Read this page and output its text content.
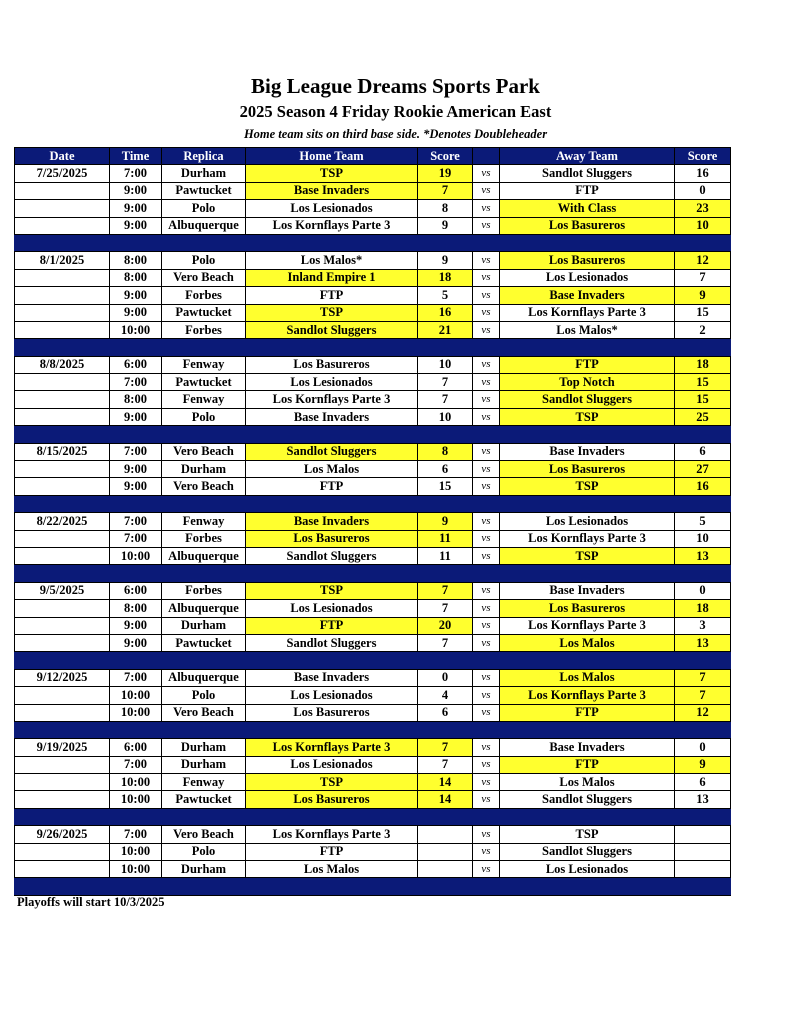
Big League Dreams Sports Park
2025 Season 4 Friday Rookie American East
Home team sits on third base side. *Denotes Doubleheader
Date	Time	Replica	Home Team	Score		Away Team	Score
7/25/2025	7:00	Durham	TSP	19	vs	Sandlot Sluggers	16
	9:00	Pawtucket	Base Invaders	7	vs	FTP	0
	9:00	Polo	Los Lesionados	8	vs	With Class	23
	9:00	Albuquerque	Los Kornflays Parte 3	9	vs	Los Basureros	10

8/1/2025	8:00	Polo	Los Malos*	9	vs	Los Basureros	12
	8:00	Vero Beach	Inland Empire 1	18	vs	Los Lesionados	7
	9:00	Forbes	FTP	5	vs	Base Invaders	9
	9:00	Pawtucket	TSP	16	vs	Los Kornflays Parte 3	15
	10:00	Forbes	Sandlot Sluggers	21	vs	Los Malos*	2

8/8/2025	6:00	Fenway	Los Basureros	10	vs	FTP	18
	7:00	Pawtucket	Los Lesionados	7	vs	Top Notch	15
	8:00	Fenway	Los Kornflays Parte 3	7	vs	Sandlot Sluggers	15
	9:00	Polo	Base Invaders	10	vs	TSP	25

8/15/2025	7:00	Vero Beach	Sandlot Sluggers	8	vs	Base Invaders	6
	9:00	Durham	Los Malos	6	vs	Los Basureros	27
	9:00	Vero Beach	FTP	15	vs	TSP	16

8/22/2025	7:00	Fenway	Base Invaders	9	vs	Los Lesionados	5
	7:00	Forbes	Los Basureros	11	vs	Los Kornflays Parte 3	10
	10:00	Albuquerque	Sandlot Sluggers	11	vs	TSP	13

9/5/2025	6:00	Forbes	TSP	7	vs	Base Invaders	0
	8:00	Albuquerque	Los Lesionados	7	vs	Los Basureros	18
	9:00	Durham	FTP	20	vs	Los Kornflays Parte 3	3
	9:00	Pawtucket	Sandlot Sluggers	7	vs	Los Malos	13

9/12/2025	7:00	Albuquerque	Base Invaders	0	vs	Los Malos	7
	10:00	Polo	Los Lesionados	4	vs	Los Kornflays Parte 3	7
	10:00	Vero Beach	Los Basureros	6	vs	FTP	12

9/19/2025	6:00	Durham	Los Kornflays Parte 3	7	vs	Base Invaders	0
	7:00	Durham	Los Lesionados	7	vs	FTP	9
	10:00	Fenway	TSP	14	vs	Los Malos	6
	10:00	Pawtucket	Los Basureros	14	vs	Sandlot Sluggers	13

9/26/2025	7:00	Vero Beach	Los Kornflays Parte 3		vs	TSP	
	10:00	Polo	FTP		vs	Sandlot Sluggers	
	10:00	Durham	Los Malos		vs	Los Lesionados	

Playoffs will start 10/3/2025
